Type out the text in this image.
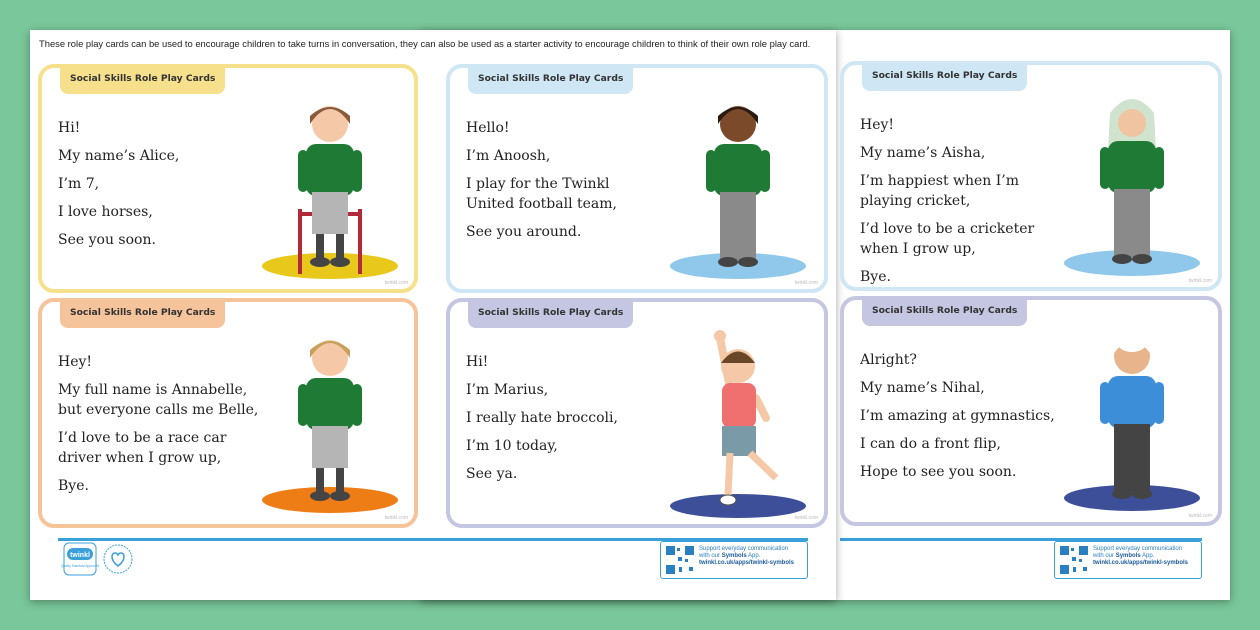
Support everyday communication
with our Symbols App.
twinkl.co.uk/apps/twinkl-symbols
These role play cards can be used to encourage children to take turns in conversation, they can also be used as a starter activity to encourage children to think of their own role play card.
twinkl
Quality Standard Approved
Support everyday communication
with our Symbols App.
twinkl.co.uk/apps/twinkl-symbols
Social Skills Role Play Cards
Hi!
My name’s Alice,
I’m 7,
I love horses,
See you soon.
twinkl.com
Social Skills Role Play Cards
Hello!
I’m Anoosh,
I play for the Twinkl
United football team,
See you around.
twinkl.com
Social Skills Role Play Cards
Hey!
My name’s Aisha,
I’m happiest when I’m
playing cricket,
I’d love to be a cricketer
when I grow up,
Bye.	twinkl.com
Social Skills Role Play Cards
Hey!
My full name is Annabelle,
but everyone calls me Belle,
I’d love to be a race car
driver when I grow up,
Bye.
twinkl.com
Social Skills Role Play Cards
Hi!
I’m Marius,
I really hate broccoli,
I’m 10 today,
See ya.
twinkl.com
Social Skills Role Play Cards
Alright?
My name’s Nihal,
I’m amazing at gymnastics,
I can do a front flip,
Hope to see you soon.
twinkl.com
